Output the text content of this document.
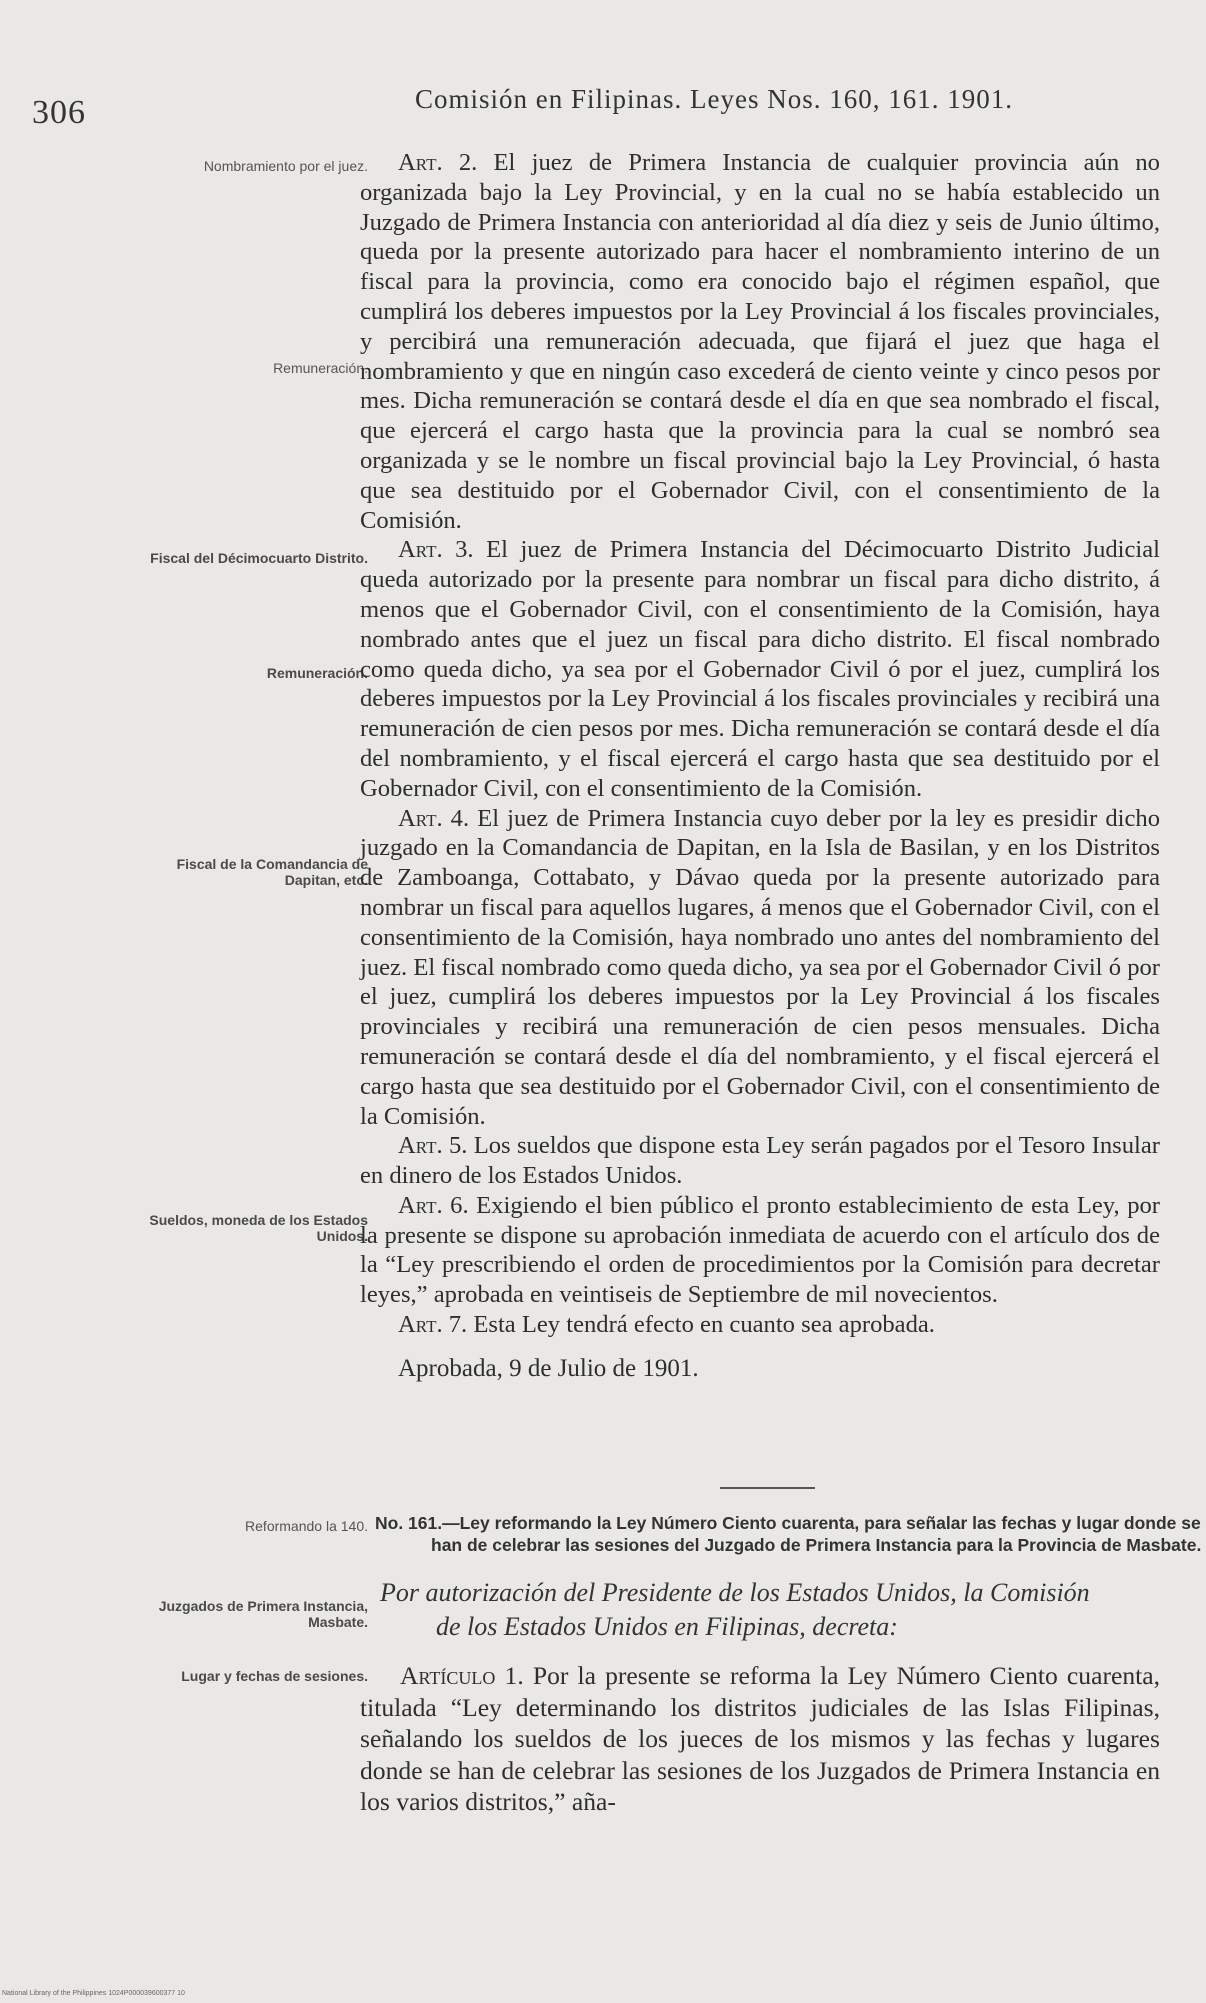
306	Comisión en Filipinas. Leyes Nos. 160, 161. 1901.
Nombramiento por el juez.
Remuneración.
Fiscal del Décimocuarto Distrito.
Remuneración.
Fiscal de la Comandancia de Dapitan, etc.
Sueldos, moneda de los Estados Unidos.
Reformando la 140.
Juzgados de Primera Instancia, Masbate.
Lugar y fechas de sesiones.

Art. 2. El juez de Primera Instancia de cualquier provincia aún no organizada bajo la Ley Provincial, y en la cual no se había establecido un Juzgado de Primera Instancia con anterioridad al día diez y seis de Junio último, queda por la presente autorizado para hacer el nombramiento interino de un fiscal para la provincia, como era conocido bajo el régimen español, que cumplirá los deberes impuestos por la Ley Provincial á los fiscales provinciales, y percibirá una remuneración adecuada, que fijará el juez que haga el nombramiento y que en ningún caso excederá de ciento veinte y cinco pesos por mes. Dicha remuneración se contará desde el día en que sea nombrado el fiscal, que ejercerá el cargo hasta que la provincia para la cual se nombró sea organizada y se le nombre un fiscal provincial bajo la Ley Provincial, ó hasta que sea destituido por el Gobernador Civil, con el consentimiento de la Comisión.

Art. 3. El juez de Primera Instancia del Décimocuarto Distrito Judicial queda autorizado por la presente para nombrar un fiscal para dicho distrito, á menos que el Gobernador Civil, con el consentimiento de la Comisión, haya nombrado antes que el juez un fiscal para dicho distrito. El fiscal nombrado como queda dicho, ya sea por el Gobernador Civil ó por el juez, cumplirá los deberes impuestos por la Ley Provincial á los fiscales provinciales y recibirá una remuneración de cien pesos por mes. Dicha remuneración se contará desde el día del nombramiento, y el fiscal ejercerá el cargo hasta que sea destituido por el Gobernador Civil, con el consentimiento de la Comisión.

Art. 4. El juez de Primera Instancia cuyo deber por la ley es presidir dicho juzgado en la Comandancia de Dapitan, en la Isla de Basilan, y en los Distritos de Zamboanga, Cottabato, y Dávao queda por la presente autorizado para nombrar un fiscal para aquellos lugares, á menos que el Gobernador Civil, con el consentimiento de la Comisión, haya nombrado uno antes del nombramiento del juez. El fiscal nombrado como queda dicho, ya sea por el Gobernador Civil ó por el juez, cumplirá los deberes impuestos por la Ley Provincial á los fiscales provinciales y recibirá una remuneración de cien pesos mensuales. Dicha remuneración se contará desde el día del nombramiento, y el fiscal ejercerá el cargo hasta que sea destituido por el Gobernador Civil, con el consentimiento de la Comisión.

Art. 5. Los sueldos que dispone esta Ley serán pagados por el Tesoro Insular en dinero de los Estados Unidos.

Art. 6. Exigiendo el bien público el pronto establecimiento de esta Ley, por la presente se dispone su aprobación inmediata de acuerdo con el artículo dos de la “Ley prescribiendo el orden de procedimientos por la Comisión para decretar leyes,” aprobada en veintiseis de Septiembre de mil novecientos.

Art. 7. Esta Ley tendrá efecto en cuanto sea aprobada.

Aprobada, 9 de Julio de 1901.

No. 161.—Ley reformando la Ley Número Ciento cuarenta, para señalar las fechas y lugar donde se han de celebrar las sesiones del Juzgado de Primera Instancia para la Provincia de Masbate.
Por autorización del Presidente de los Estados Unidos, la Comisión
de los Estados Unidos en Filipinas, decreta:

Artículo 1. Por la presente se reforma la Ley Número Ciento cuarenta, titulada “Ley determinando los distritos judiciales de las Islas Filipinas, señalando los sueldos de los jueces de los mismos y las fechas y lugares donde se han de celebrar las sesiones de los Juzgados de Primera Instancia en los varios distritos,” aña-

National Library of the Philippines 1024P000039600377 10
